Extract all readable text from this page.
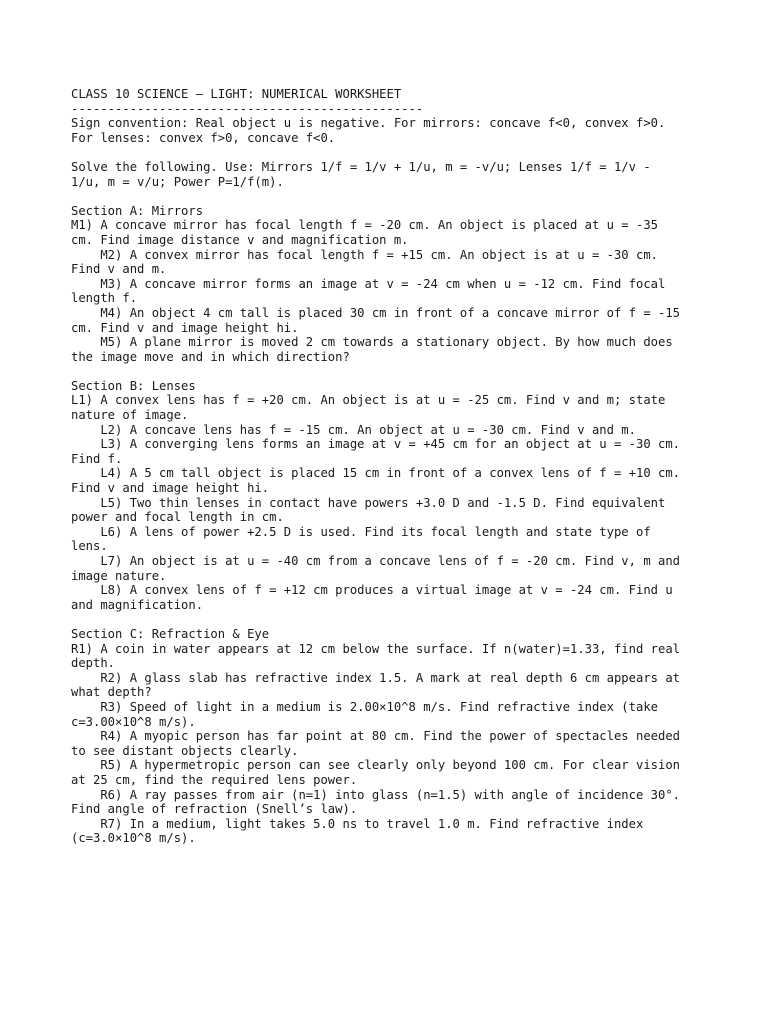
CLASS 10 SCIENCE – LIGHT: NUMERICAL WORKSHEET
------------------------------------------------
Sign convention: Real object u is negative. For mirrors: concave f<0, convex f>0.
For lenses: convex f>0, concave f<0.
Solve the following. Use: Mirrors 1/f = 1/v + 1/u, m = -v/u; Lenses 1/f = 1/v -
1/u, m = v/u; Power P=1/f(m).
Section A: Mirrors
M1) A concave mirror has focal length f = -20 cm. An object is placed at u = -35
cm. Find image distance v and magnification m.
M2) A convex mirror has focal length f = +15 cm. An object is at u = -30 cm.
Find v and m.
M3) A concave mirror forms an image at v = -24 cm when u = -12 cm. Find focal
length f.
M4) An object 4 cm tall is placed 30 cm in front of a concave mirror of f = -15
cm. Find v and image height hi.
M5) A plane mirror is moved 2 cm towards a stationary object. By how much does
the image move and in which direction?
Section B: Lenses
L1) A convex lens has f = +20 cm. An object is at u = -25 cm. Find v and m; state
nature of image.
L2) A concave lens has f = -15 cm. An object at u = -30 cm. Find v and m.
L3) A converging lens forms an image at v = +45 cm for an object at u = -30 cm.
Find f.
L4) A 5 cm tall object is placed 15 cm in front of a convex lens of f = +10 cm.
Find v and image height hi.
L5) Two thin lenses in contact have powers +3.0 D and -1.5 D. Find equivalent
power and focal length in cm.
L6) A lens of power +2.5 D is used. Find its focal length and state type of
lens.
L7) An object is at u = -40 cm from a concave lens of f = -20 cm. Find v, m and
image nature.
L8) A convex lens of f = +12 cm produces a virtual image at v = -24 cm. Find u
and magnification.
Section C: Refraction & Eye
R1) A coin in water appears at 12 cm below the surface. If n(water)=1.33, find real
depth.
R2) A glass slab has refractive index 1.5. A mark at real depth 6 cm appears at
what depth?
R3) Speed of light in a medium is 2.00×10^8 m/s. Find refractive index (take
c=3.00×10^8 m/s).
R4) A myopic person has far point at 80 cm. Find the power of spectacles needed
to see distant objects clearly.
R5) A hypermetropic person can see clearly only beyond 100 cm. For clear vision
at 25 cm, find the required lens power.
R6) A ray passes from air (n=1) into glass (n=1.5) with angle of incidence 30°.
Find angle of refraction (Snell’s law).
R7) In a medium, light takes 5.0 ns to travel 1.0 m. Find refractive index
(c=3.0×10^8 m/s).
